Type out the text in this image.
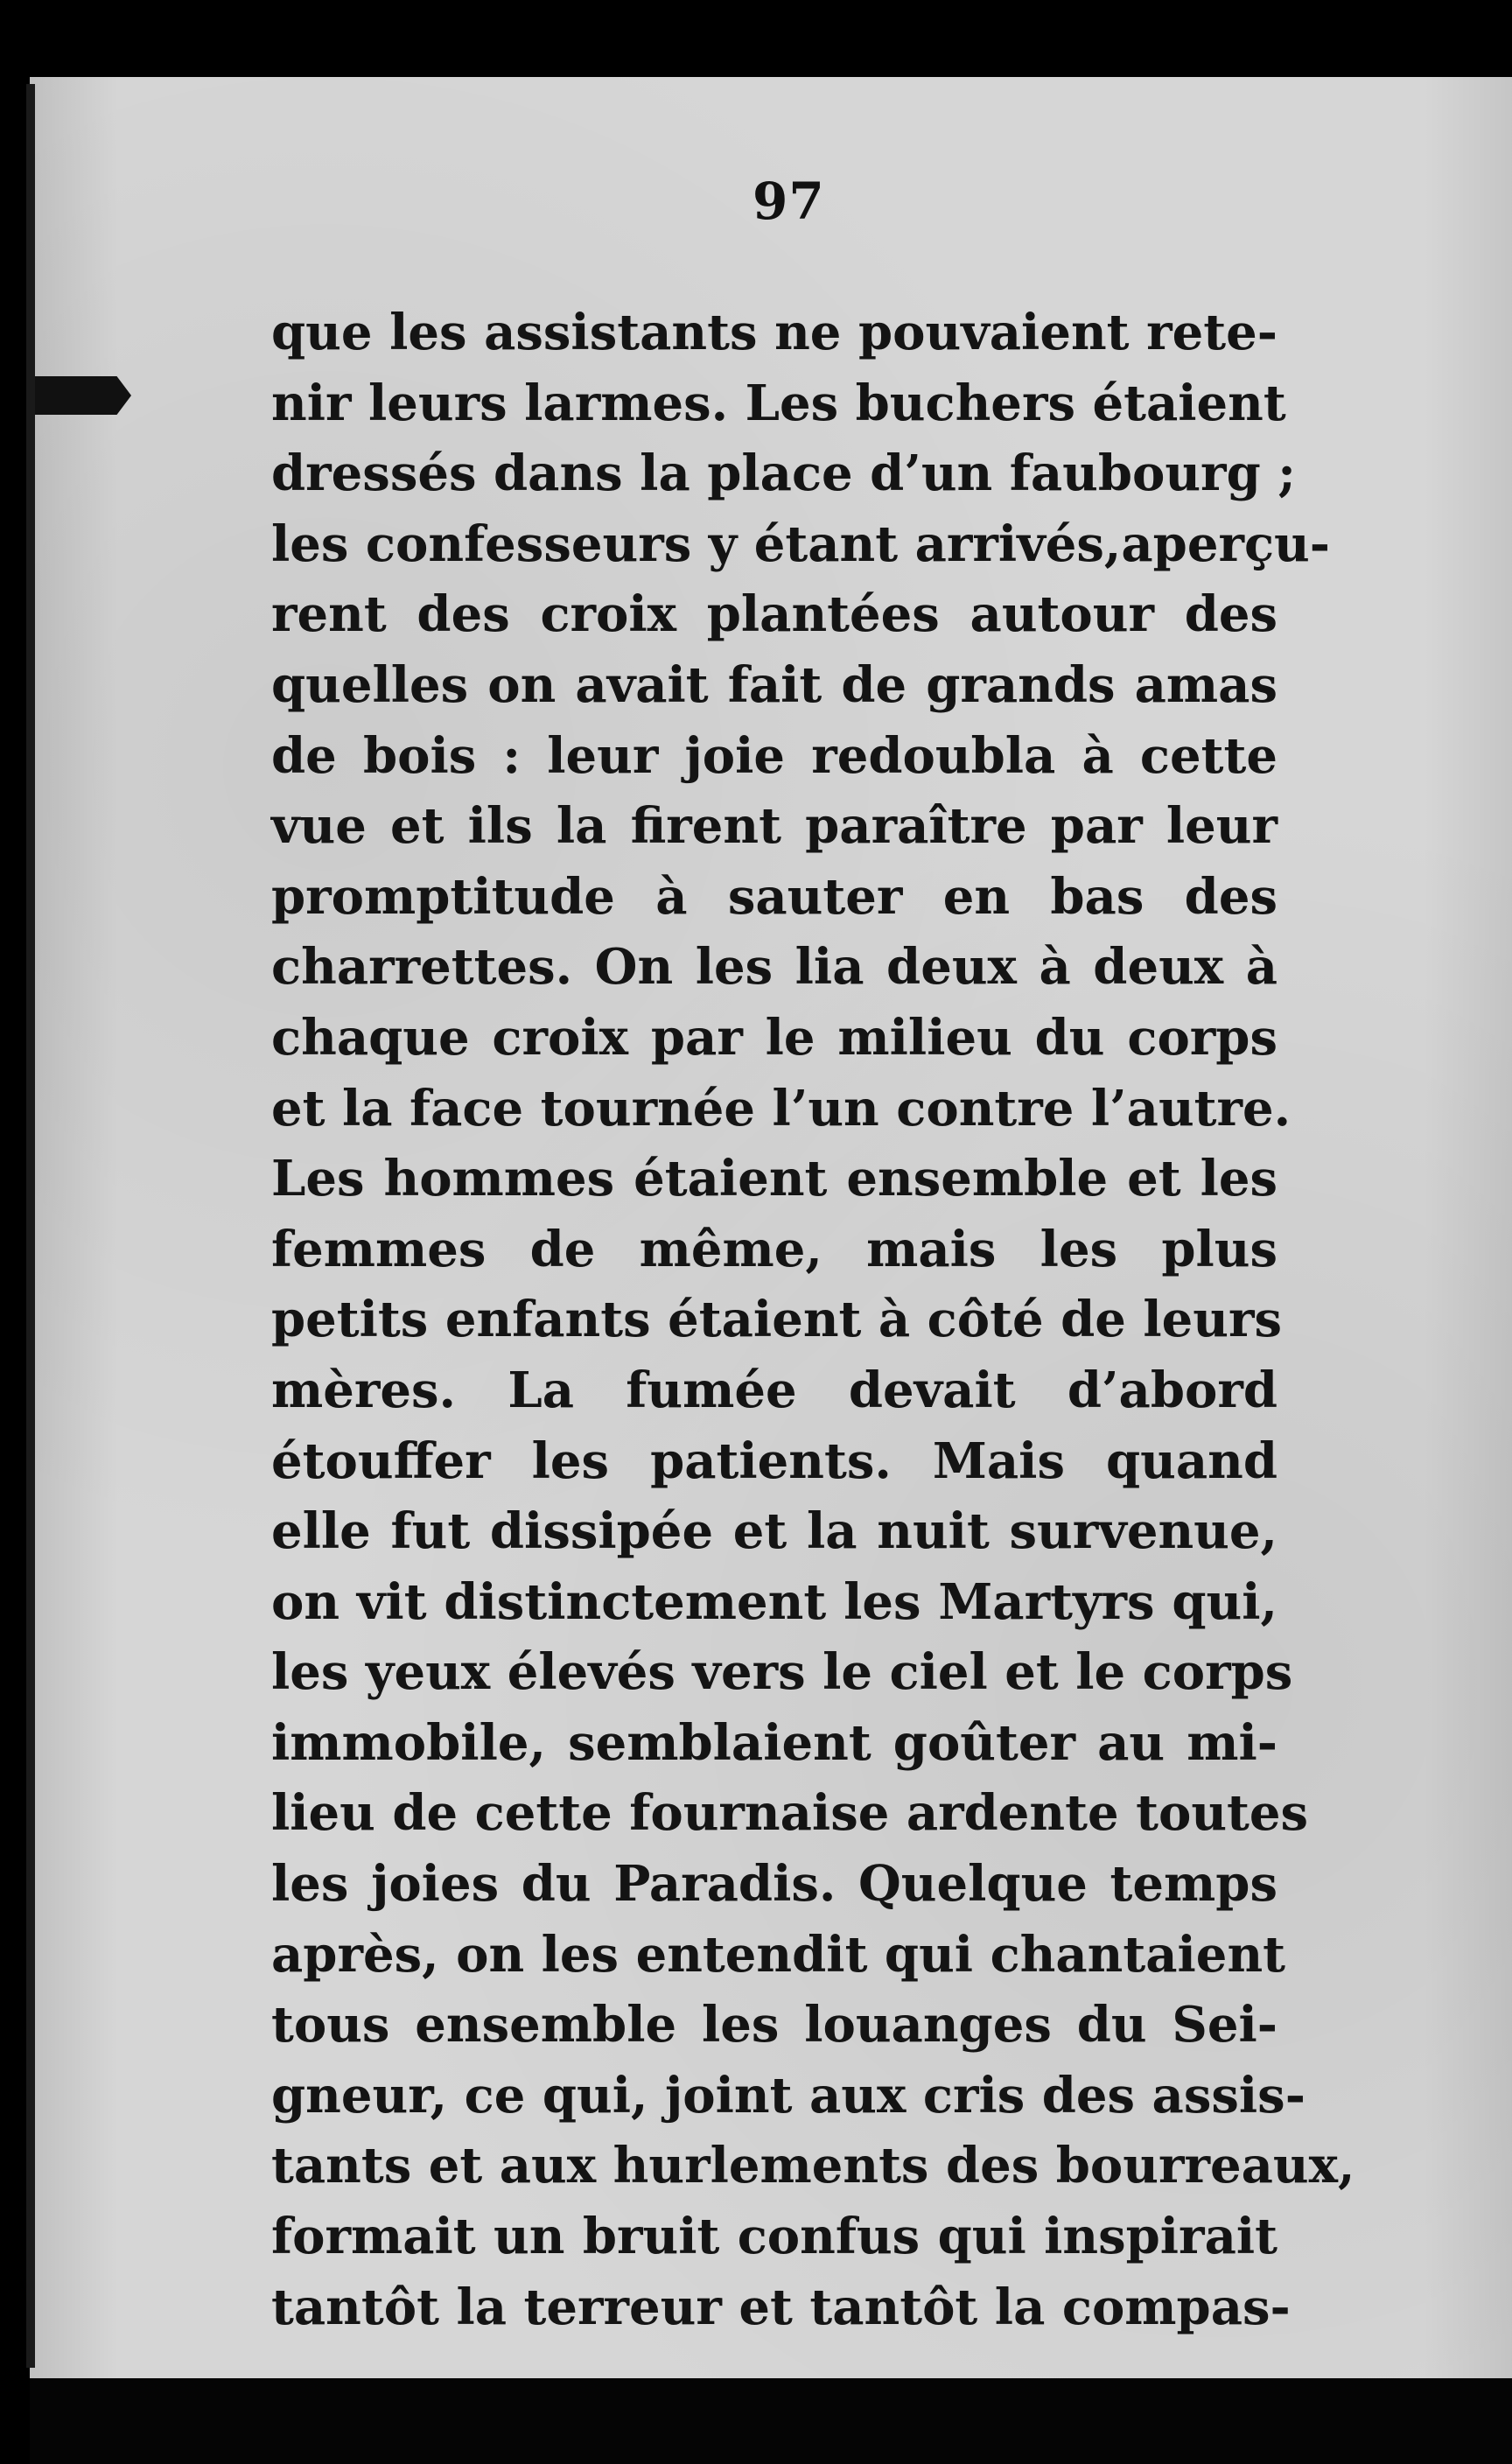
97
que les assistants ne pouvaient rete-
nir leurs larmes. Les buchers étaient
dressés dans la place d’un faubourg ;
les confesseurs y étant arrivés,aperçu-
rent des croix plantées autour des
quelles on avait fait de grands amas
de bois : leur joie redoubla à cette
vue et ils la firent paraître par leur
promptitude à sauter en bas des
charrettes. On les lia deux à deux à
chaque croix par le milieu du corps
et la face tournée l’un contre l’autre.
Les hommes étaient ensemble et les
femmes de même, mais les plus
petits enfants étaient à côté de leurs
mères. La fumée devait d’abord
étouffer les patients. Mais quand
elle fut dissipée et la nuit survenue,
on vit distinctement les Martyrs qui,
les yeux élevés vers le ciel et le corps
immobile, semblaient goûter au mi-
lieu de cette fournaise ardente toutes
les joies du Paradis. Quelque temps
après, on les entendit qui chantaient
tous ensemble les louanges du Sei-
gneur, ce qui, joint aux cris des assis-
tants et aux hurlements des bourreaux,
formait un bruit confus qui inspirait
tantôt la terreur et tantôt la compas-
